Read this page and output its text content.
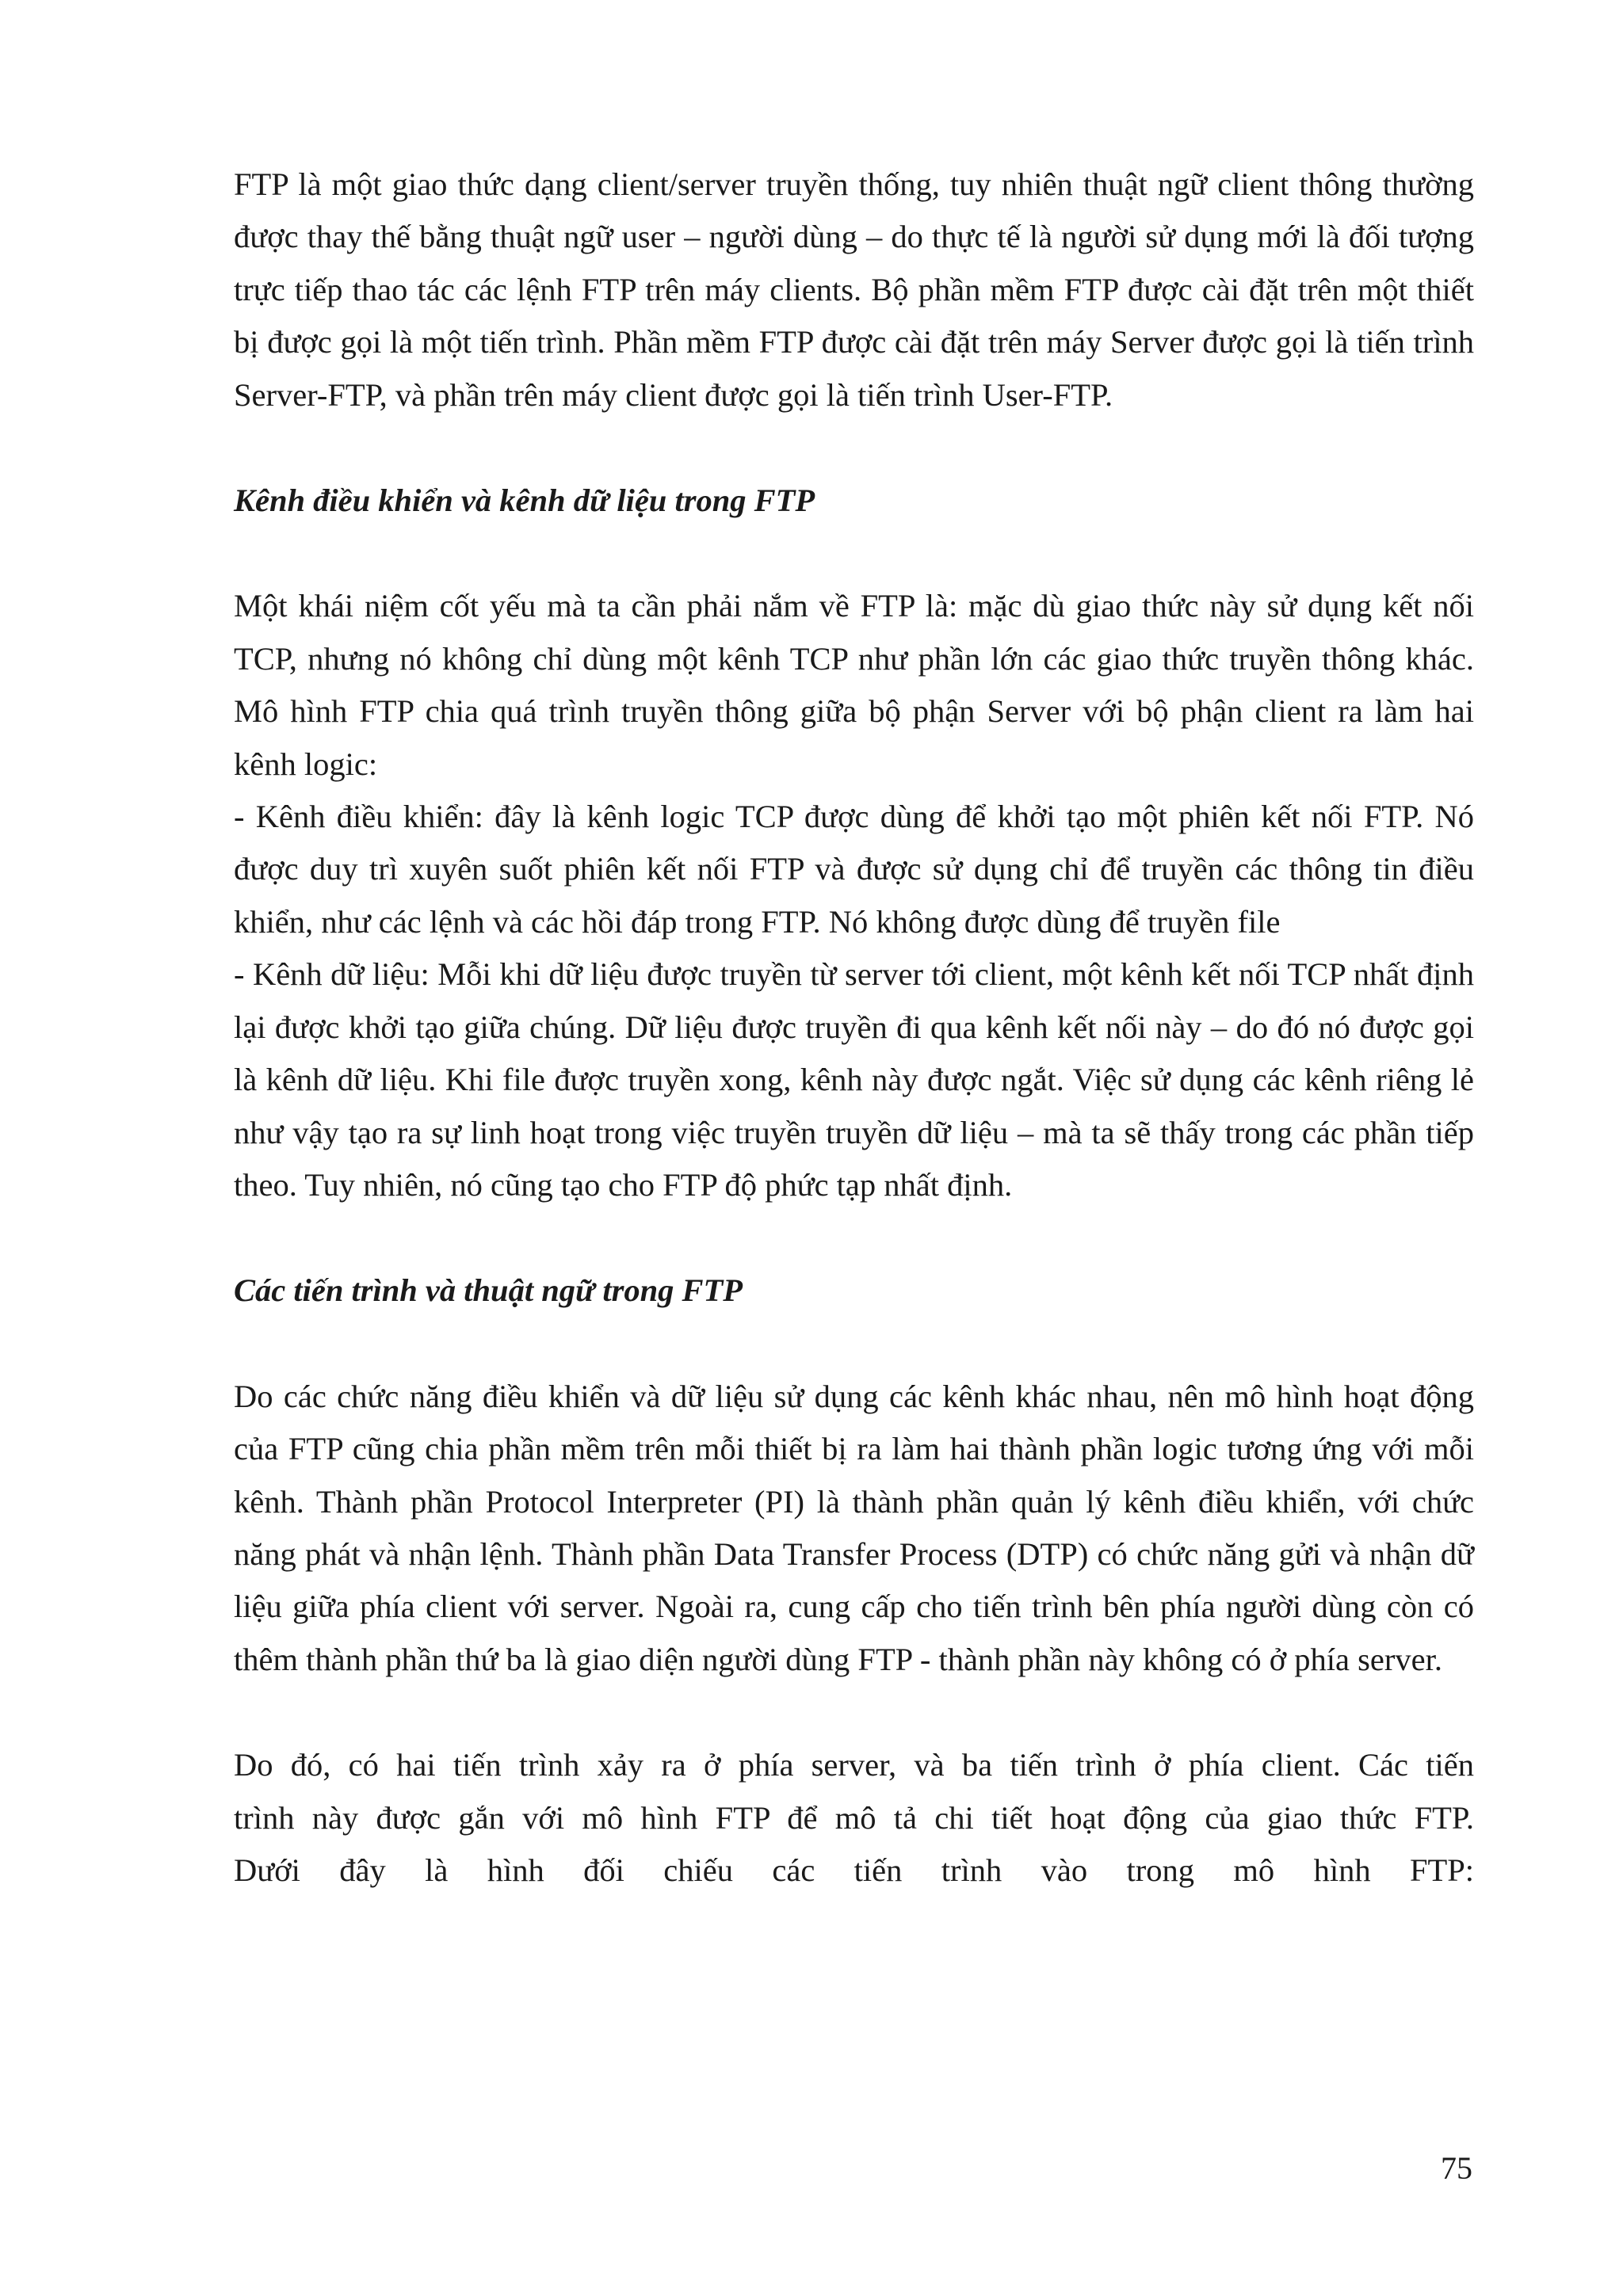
FTP là một giao thức dạng client/server truyền thống, tuy nhiên thuật ngữ client thông thường được thay thế bằng thuật ngữ user – người dùng – do thực tế là người sử dụng mới là đối tượng trực tiếp thao tác các lệnh FTP trên máy clients. Bộ phần mềm FTP được cài đặt trên một thiết bị được gọi là một tiến trình. Phần mềm FTP được cài đặt trên máy Server được gọi là tiến trình Server-FTP, và phần trên máy client được gọi là tiến trình User-FTP.

Kênh điều khiển và kênh dữ liệu trong FTP

Một khái niệm cốt yếu mà ta cần phải nắm về FTP là: mặc dù giao thức này sử dụng kết nối TCP, nhưng nó không chỉ dùng một kênh TCP như phần lớn các giao thức truyền thông khác. Mô hình FTP chia quá trình truyền thông giữa bộ phận Server với bộ phận client ra làm hai kênh logic:

- Kênh điều khiển: đây là kênh logic TCP được dùng để khởi tạo một phiên kết nối FTP. Nó được duy trì xuyên suốt phiên kết nối FTP và được sử dụng chỉ để truyền các thông tin điều khiển, như các lệnh và các hồi đáp trong FTP. Nó không được dùng để truyền file

- Kênh dữ liệu: Mỗi khi dữ liệu được truyền từ server tới client, một kênh kết nối TCP nhất định lại được khởi tạo giữa chúng. Dữ liệu được truyền đi qua kênh kết nối này – do đó nó được gọi là kênh dữ liệu. Khi file được truyền xong, kênh này được ngắt. Việc sử dụng các kênh riêng lẻ như vậy tạo ra sự linh hoạt trong việc truyền truyền dữ liệu – mà ta sẽ thấy trong các phần tiếp theo. Tuy nhiên, nó cũng tạo cho FTP độ phức tạp nhất định.

Các tiến trình và thuật ngữ trong FTP

Do các chức năng điều khiển và dữ liệu sử dụng các kênh khác nhau, nên mô hình hoạt động của FTP cũng chia phần mềm trên mỗi thiết bị ra làm hai thành phần logic tương ứng với mỗi kênh. Thành phần Protocol Interpreter (PI) là thành phần quản lý kênh điều khiển, với chức năng phát và nhận lệnh. Thành phần Data Transfer Process (DTP) có chức năng gửi và nhận dữ liệu giữa phía client với server. Ngoài ra, cung cấp cho tiến trình bên phía người dùng còn có thêm thành phần thứ ba là giao diện người dùng FTP - thành phần này không có ở phía server.

Do đó, có hai tiến trình xảy ra ở phía server, và ba tiến trình ở phía client. Các tiến

trình này được gắn với mô hình FTP để mô tả chi tiết hoạt động của giao thức FTP.

Dưới đây là hình đối chiếu các tiến trình vào trong mô hình FTP:

75
